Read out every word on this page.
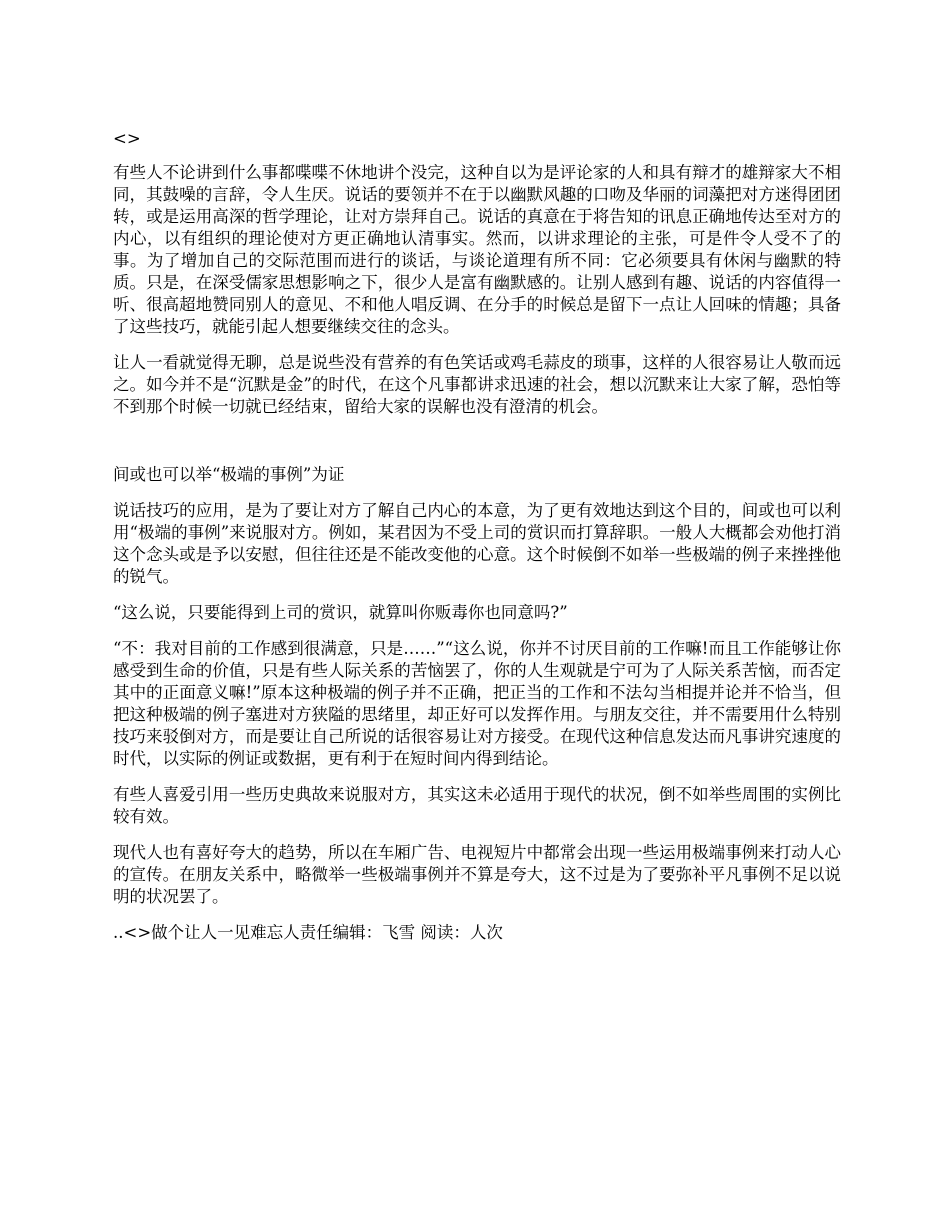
<>

有些人不论讲到什么事都喋喋不休地讲个没完，这种自以为是评论家的人和具有辩才的雄辩家大不相同，其鼓噪的言辞，令人生厌。说话的要领并不在于以幽默风趣的口吻及华丽的词藻把对方迷得团团转，或是运用高深的哲学理论，让对方崇拜自己。说话的真意在于将告知的讯息正确地传达至对方的内心，以有组织的理论使对方更正确地认清事实。然而，以讲求理论的主张，可是件令人受不了的事。为了增加自己的交际范围而进行的谈话，与谈论道理有所不同：它必须要具有休闲与幽默的特质。只是，在深受儒家思想影响之下，很少人是富有幽默感的。让别人感到有趣、说话的内容值得一听、很高超地赞同别人的意见、不和他人唱反调、在分手的时候总是留下一点让人回味的情趣；具备了这些技巧，就能引起人想要继续交往的念头。

让人一看就觉得无聊，总是说些没有营养的有色笑话或鸡毛蒜皮的琐事，这样的人很容易让人敬而远之。如今并不是“沉默是金”的时代，在这个凡事都讲求迅速的社会，想以沉默来让大家了解，恐怕等不到那个时候一切就已经结束，留给大家的误解也没有澄清的机会。

间或也可以举“极端的事例”为证

说话技巧的应用，是为了要让对方了解自己内心的本意，为了更有效地达到这个目的，间或也可以利用“极端的事例”来说服对方。例如，某君因为不受上司的赏识而打算辞职。一般人大概都会劝他打消这个念头或是予以安慰，但往往还是不能改变他的心意。这个时候倒不如举一些极端的例子来挫挫他的锐气。

“这么说，只要能得到上司的赏识，就算叫你贩毒你也同意吗?”

“不：我对目前的工作感到很满意，只是……”“这么说，你并不讨厌目前的工作嘛!而且工作能够让你感受到生命的价值，只是有些人际关系的苦恼罢了，你的人生观就是宁可为了人际关系苦恼，而否定其中的正面意义嘛!”原本这种极端的例子并不正确，把正当的工作和不法勾当相提并论并不恰当，但把这种极端的例子塞进对方狭隘的思绪里，却正好可以发挥作用。与朋友交往，并不需要用什么特别技巧来驳倒对方，而是要让自己所说的话很容易让对方接受。在现代这种信息发达而凡事讲究速度的时代，以实际的例证或数据，更有利于在短时间内得到结论。

有些人喜爱引用一些历史典故来说服对方，其实这未必适用于现代的状况，倒不如举些周围的实例比较有效。

现代人也有喜好夸大的趋势，所以在车厢广告、电视短片中都常会出现一些运用极端事例来打动人心的宣传。在朋友关系中，略微举一些极端事例并不算是夸大，这不过是为了要弥补平凡事例不足以说明的状况罢了。

..<>做个让人一见难忘人责任编辑：飞雪 阅读：人次
